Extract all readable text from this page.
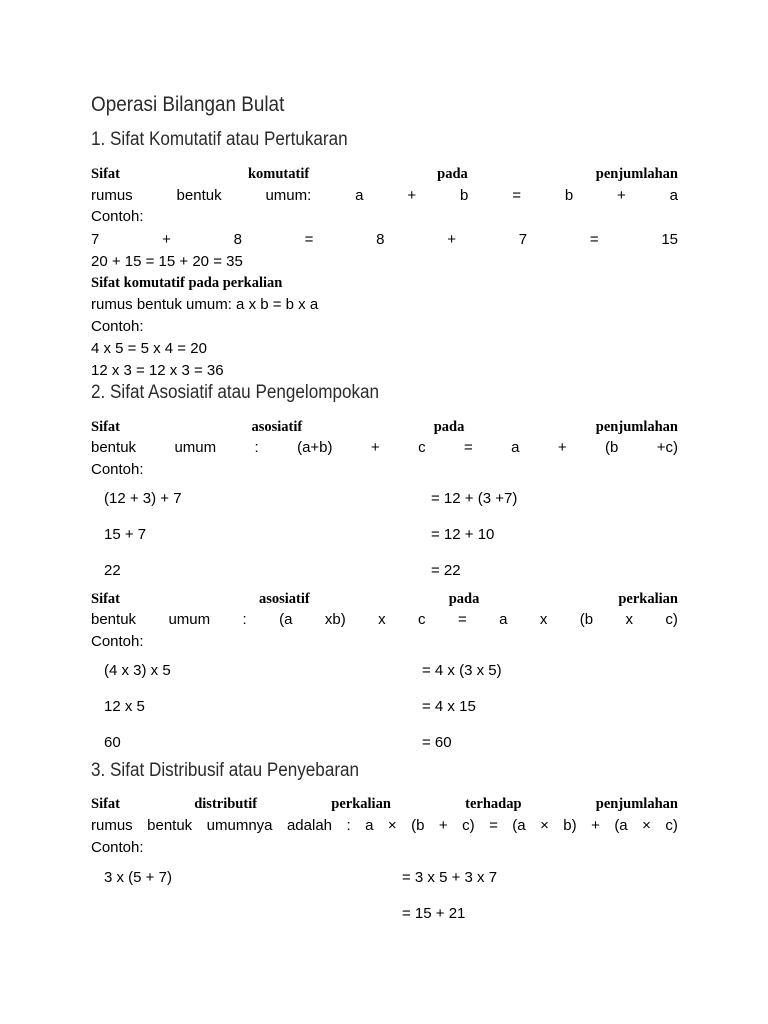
Operasi Bilangan Bulat
1. Sifat Komutatif atau Pertukaran
Sifat	komutatif	pada	penjumlahan
rumus	bentuk	umum:	a	+	b	=	b	+	a
Contoh:
7	+	8	=	8	+	7	=	15
20 + 15 = 15 + 20 = 35
Sifat komutatif pada perkalian
rumus bentuk umum: a x b = b x a
Contoh:
4 x 5 = 5 x 4 = 20
12 x 3 = 12 x 3 = 36
2. Sifat Asosiatif atau Pengelompokan
Sifat	asosiatif	pada	penjumlahan
bentuk	umum	:	(a+b)	+	c	=	a	+	(b	+c)
Contoh:
(12 + 3) + 7	= 12 + (3 +7)
15 + 7	= 12 + 10
22	= 22
Sifat	asosiatif	pada	perkalian
bentuk umum : (a xb) x c = a x (b x c)
Contoh:
(4 x 3) x 5	= 4 x (3 x 5)
12 x 5	= 4 x 15
60	= 60
3. Sifat Distribusif atau Penyebaran
Sifat	distributif	perkalian	terhadap	penjumlahan
rumus bentuk umumnya adalah : a × (b + c) = (a × b) + (a × c)
Contoh:
3 x (5 + 7)	= 3 x 5 + 3 x 7
= 15 + 21
